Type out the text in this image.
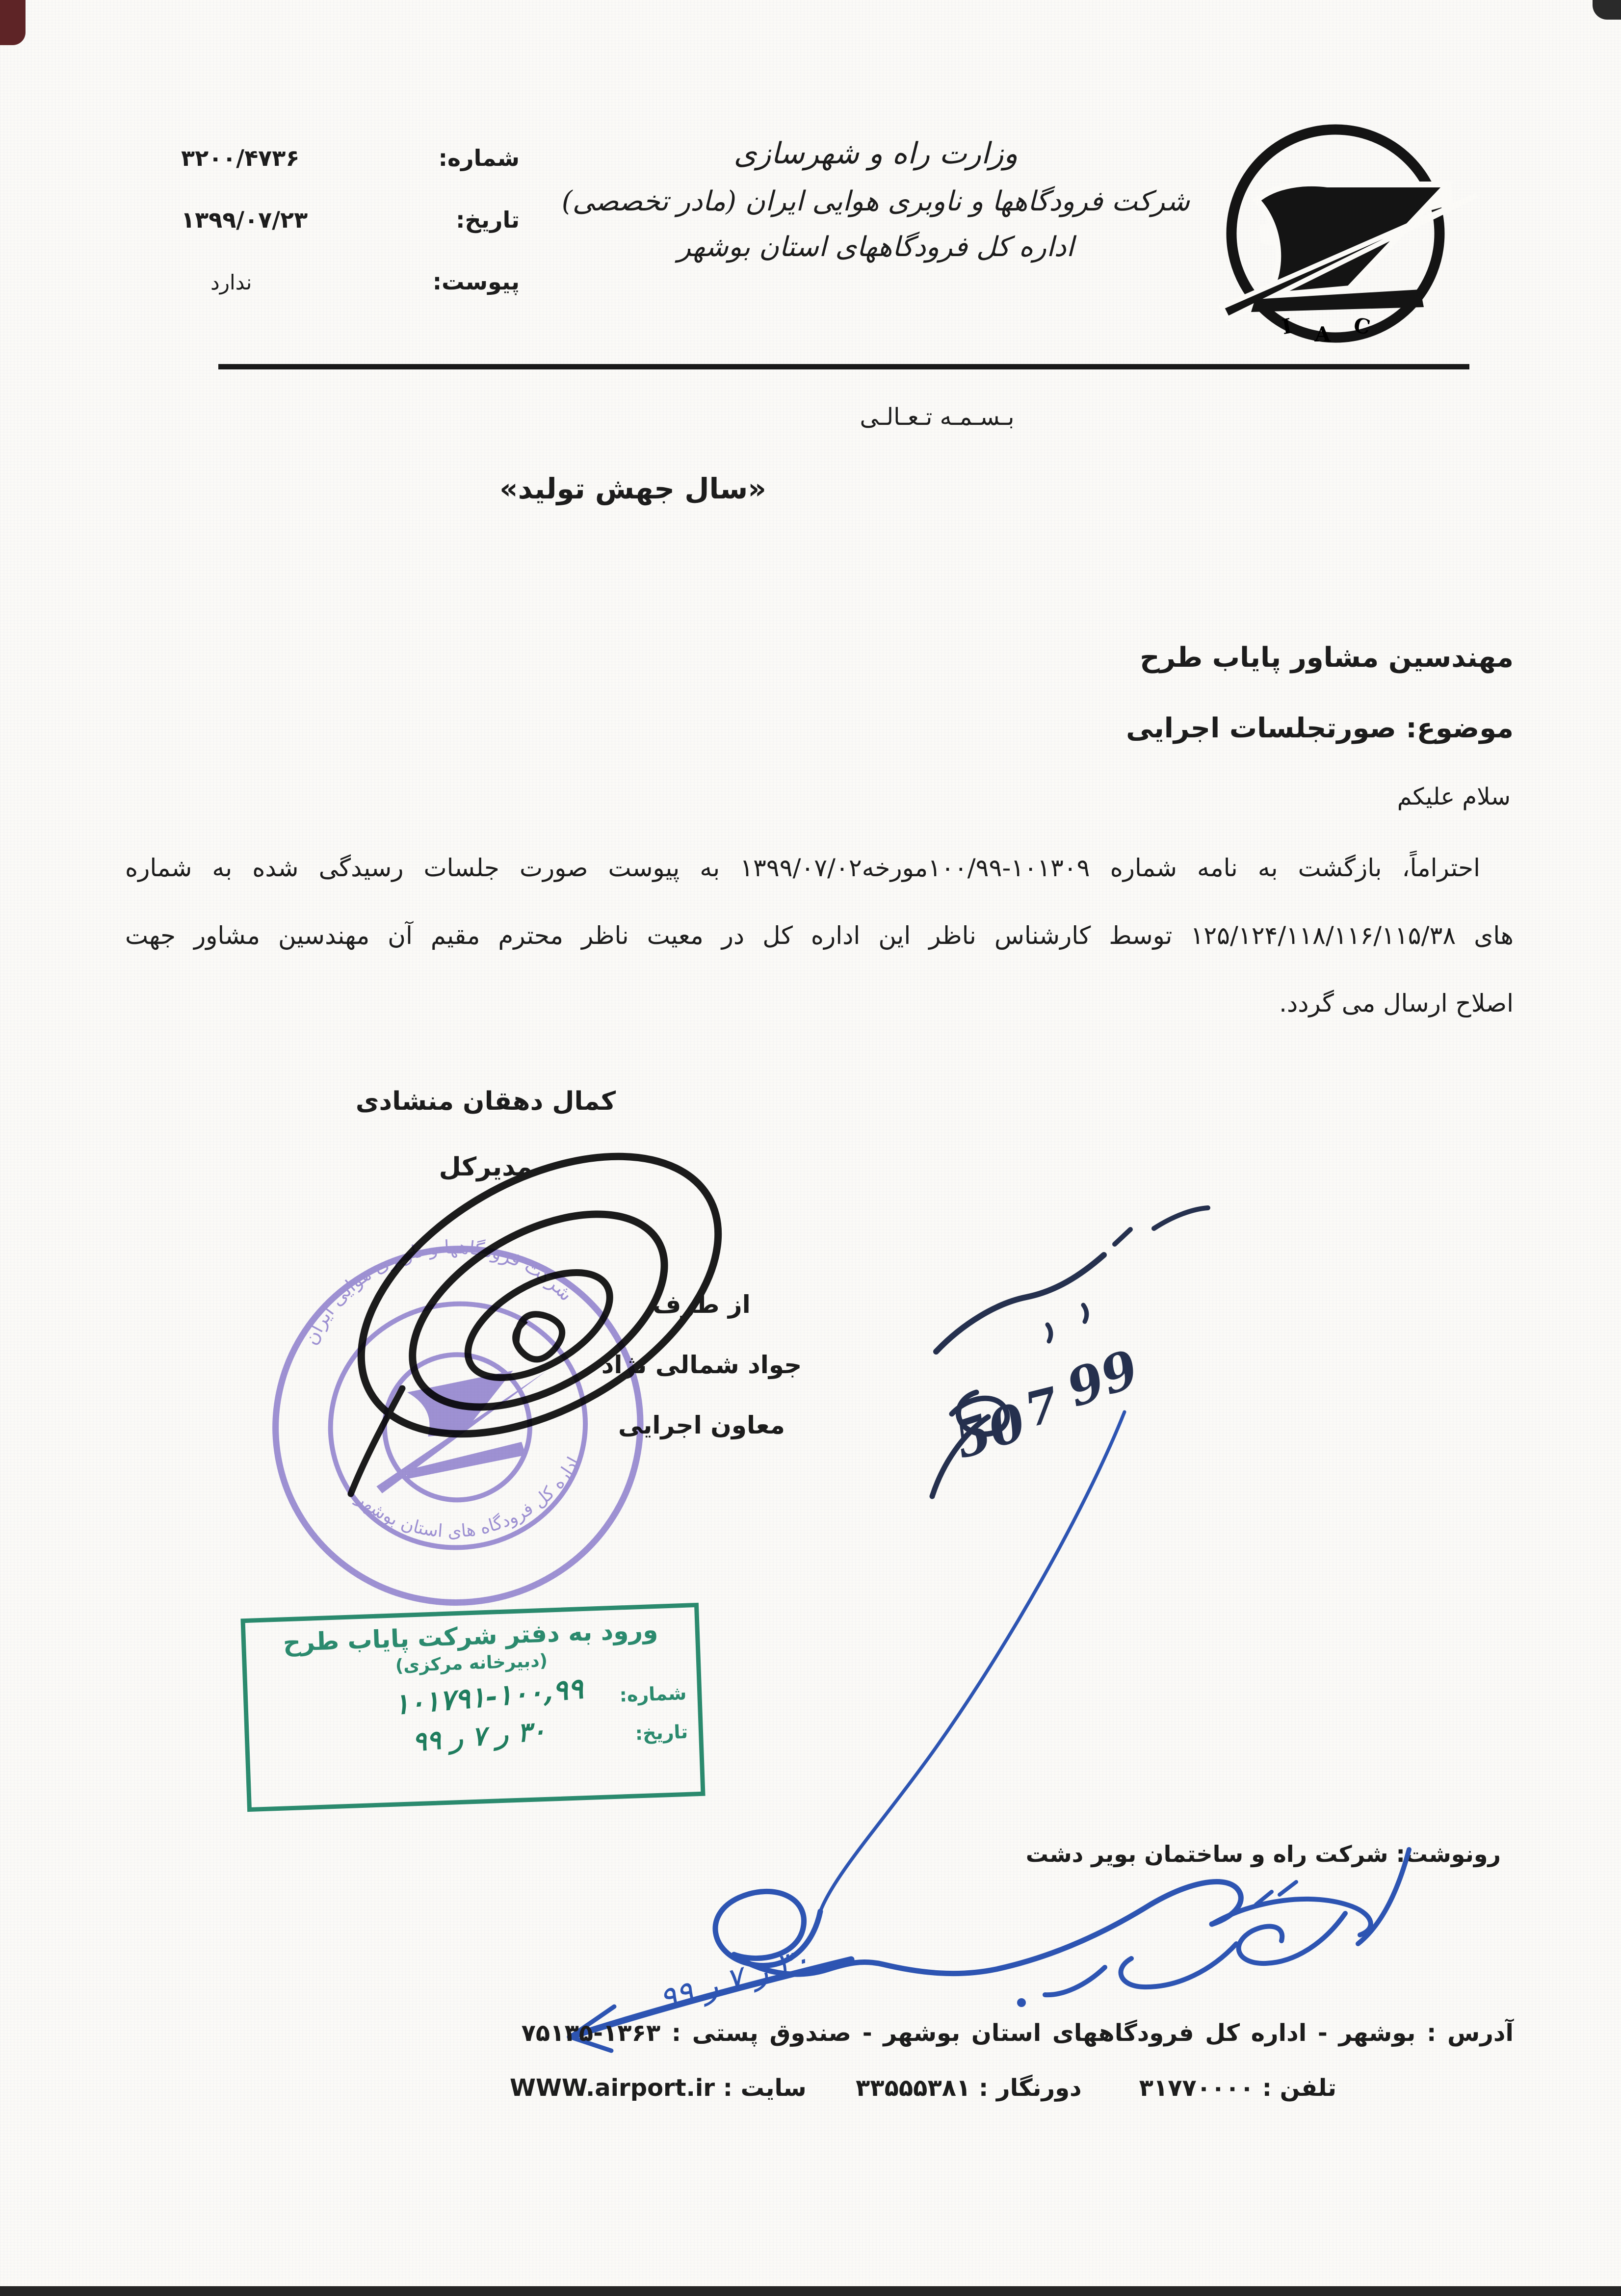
شماره:
۳۲۰۰/۴۷۳۶
تاریخ:
۱۳۹۹/۰۷/۲۳
پیوست:
ندارد
وزارت راه و شهرسازی
شرکت فرودگاهها و ناوبری هوایی ایران (مادر تخصصی)
اداره کل فرودگاههای استان بوشهر
I A C
بـسـمـه تـعـالـی
«سال جهش تولید»
مهندسین مشاور پایاب طرح
موضوع: صورتجلسات اجرایی
سلام علیکم
احتراماً، بازگشت به نامه شماره ۱۰۱۳۰۹-۱۰۰/۹۹مورخه۱۳۹۹/۰۷/۰۲ به پیوست صورت جلسات رسیدگی شده به شماره
های ۱۲۵/۱۲۴/۱۱۸/۱۱۶/۱۱۵/۳۸ توسط کارشناس ناظر این اداره کل در معیت ناظر محترم مقیم آن مهندسین مشاور جهت
اصلاح ارسال می گردد.
کمال دهقان منشادی
مدیرکل
از طرف
جواد شمالی نژاد
معاون اجرایی
شرکت فرودگاهها و ناوبری هوایی ایران
اداره کل فرودگاه های استان بوشهر
ورود به دفتر شرکت پایاب طرح
(دبیرخانه مرکزی)
شماره:
۱۰۱۷۹۱-۱۰۰,۹۹
تاریخ:
۳۰ ر ۷ ر ۹۹
رونوشت: شرکت راه و ساختمان بویر دشت
50
7
99
۳۰ ر ۷ ر ۹۹
آدرس : بوشهر - اداره کل فرودگاههای استان بوشهر - صندوق پستی : ۱۳۶۳-۷۵۱۳۵
تلفن : ۳۱۷۷۰۰۰۰       دورنگار : ۳۳۵۵۵۳۸۱      سایت : WWW.airport.ir
